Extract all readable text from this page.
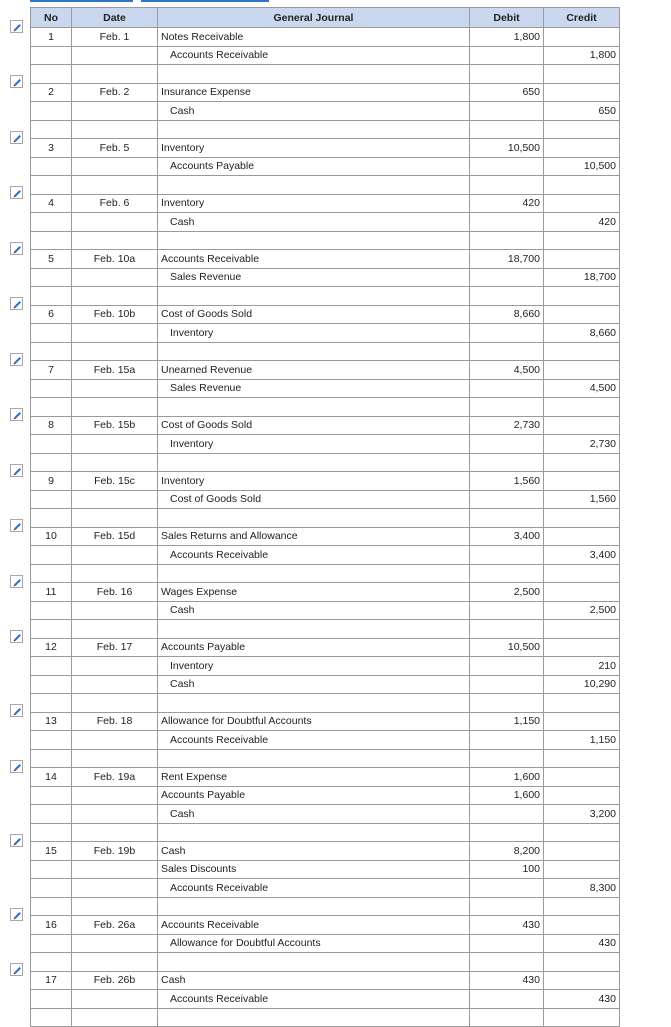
No	Date	General Journal	Debit	Credit
1	Feb. 1	Notes Receivable	1,800	
		Accounts Receivable		1,800

2	Feb. 2	Insurance Expense	650	
		Cash		650

3	Feb. 5	Inventory	10,500	
		Accounts Payable		10,500

4	Feb. 6	Inventory	420	
		Cash		420

5	Feb. 10a	Accounts Receivable	18,700	
		Sales Revenue		18,700

6	Feb. 10b	Cost of Goods Sold	8,660	
		Inventory		8,660

7	Feb. 15a	Unearned Revenue	4,500	
		Sales Revenue		4,500

8	Feb. 15b	Cost of Goods Sold	2,730	
		Inventory		2,730

9	Feb. 15c	Inventory	1,560	
		Cost of Goods Sold		1,560

10	Feb. 15d	Sales Returns and Allowance	3,400	
		Accounts Receivable		3,400

11	Feb. 16	Wages Expense	2,500	
		Cash		2,500

12	Feb. 17	Accounts Payable	10,500	
		Inventory		210
		Cash		10,290

13	Feb. 18	Allowance for Doubtful Accounts	1,150	
		Accounts Receivable		1,150

14	Feb. 19a	Rent Expense	1,600	
		Accounts Payable	1,600	
		Cash		3,200

15	Feb. 19b	Cash	8,200	
		Sales Discounts	100	
		Accounts Receivable		8,300

16	Feb. 26a	Accounts Receivable	430	
		Allowance for Doubtful Accounts		430

17	Feb. 26b	Cash	430	
		Accounts Receivable		430
